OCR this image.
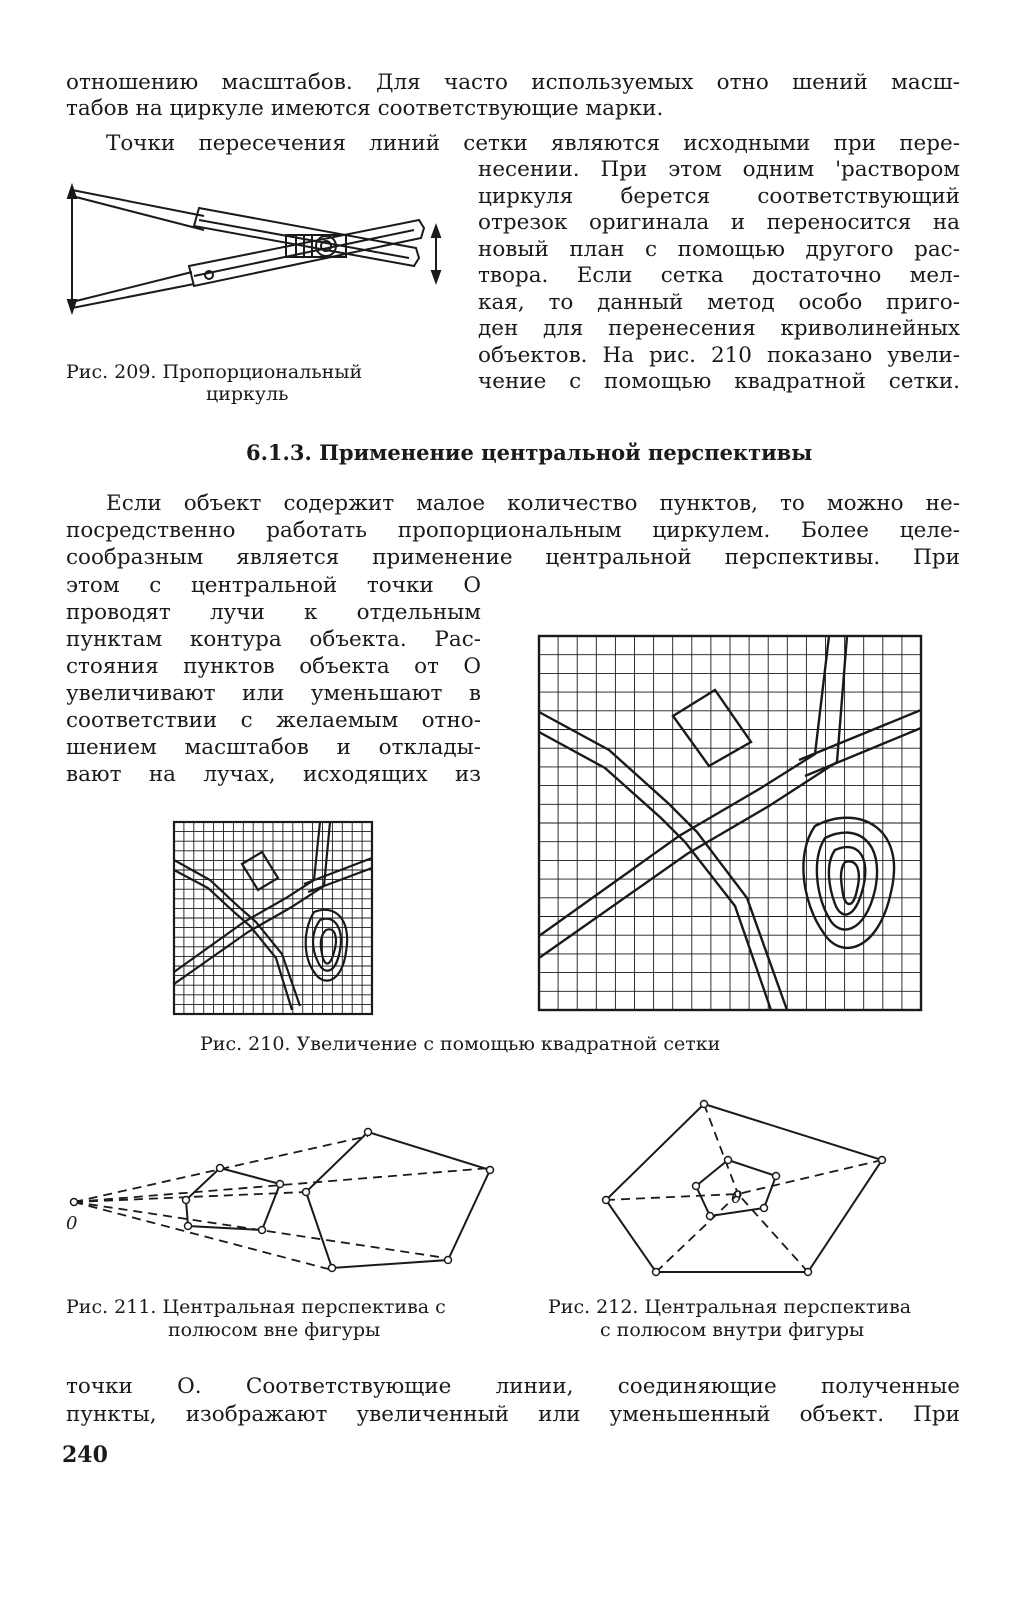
отношению масштабов. Для часто используемых отно шений масш-
табов на циркуле имеются соответствующие марки.
Точки пересечения линий сетки являются исходными при пере-
несении. При этом одним 'раствором
циркуля берется соответствующий
отрезок оригинала и переносится на
новый план с помощью другого рас-
твора. Если сетка достаточно мел-
кая, то данный метод особо приго-
ден для перенесения криволинейных
объектов. На рис. 210 показано увели-
чение с помощью квадратной сетки.
Рис. 209. Пропорциональный
циркуль
6.1.3. Применение центральной перспективы
Если объект содержит малое количество пунктов, то можно не-
посредственно работать пропорциональным циркулем. Более целе-
сообразным является применение центральной перспективы. При
этом с центральной точки О
проводят лучи к отдельным
пунктам контура объекта. Рас-
стояния пунктов объекта от О
увеличивают или уменьшают в
соответствии с желаемым отно-
шением масштабов и отклады-
вают на лучах, исходящих из
Рис. 210. Увеличение с помощью квадратной сетки
0
0
Рис. 211. Центральная перспектива с
полюсом вне фигуры
Рис. 212. Центральная перспектива
с полюсом внутри фигуры
точки О. Соответствующие линии, соединяющие полученные
пункты, изображают увеличенный или уменьшенный объект. При
240
